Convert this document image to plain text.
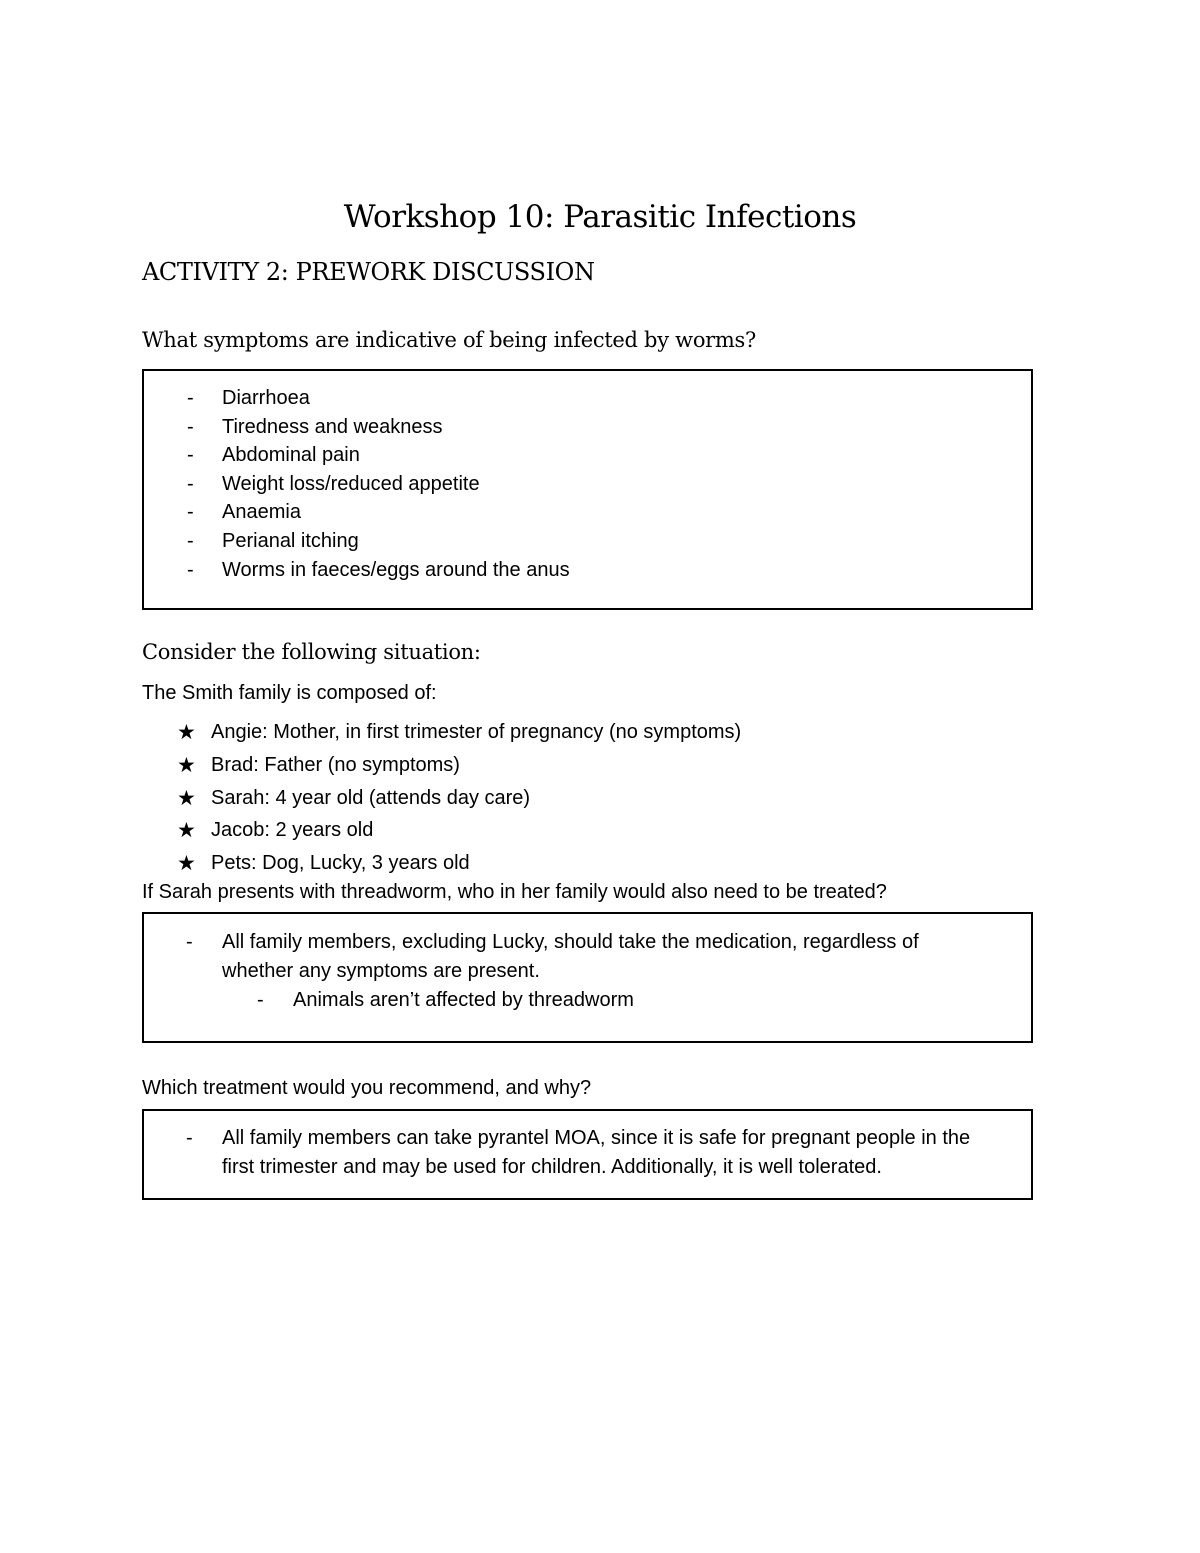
Workshop 10: Parasitic Infections
ACTIVITY 2: PREWORK DISCUSSION
What symptoms are indicative of being infected by worms?
- Diarrhoea
- Tiredness and weakness
- Abdominal pain
- Weight loss/reduced appetite
- Anaemia
- Perianal itching
- Worms in faeces/eggs around the anus
Consider the following situation:
The Smith family is composed of:
★ Angie: Mother, in first trimester of pregnancy (no symptoms)
★ Brad: Father (no symptoms)
★ Sarah: 4 year old (attends day care)
★ Jacob: 2 years old
★ Pets: Dog, Lucky, 3 years old
If Sarah presents with threadworm, who in her family would also need to be treated?
-	All family members, excluding Lucky, should take the medication, regardless of whether any symptoms are present.
-	Animals aren’t affected by threadworm
Which treatment would you recommend, and why?
-	All family members can take pyrantel MOA, since it is safe for pregnant people in the first trimester and may be used for children. Additionally, it is well tolerated.
